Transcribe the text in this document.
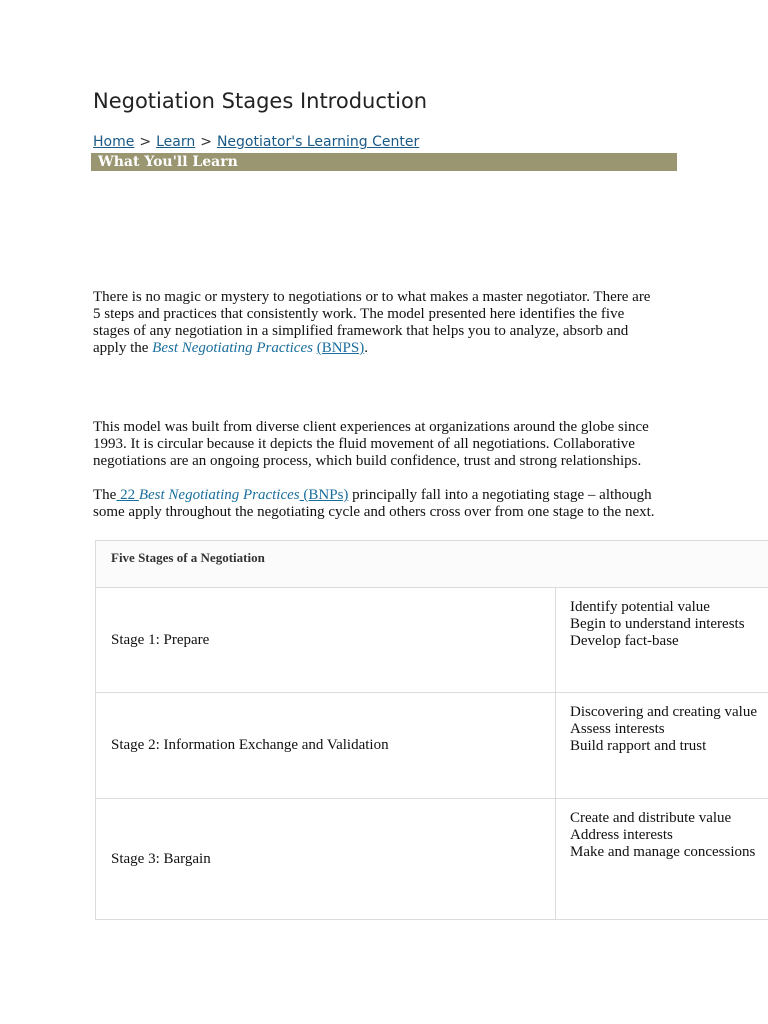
Negotiation Stages Introduction
Home > Learn > Negotiator's Learning Center
What You'll Learn

There is no magic or mystery to negotiations or to what makes a master negotiator. There are
5 steps and practices that consistently work. The model presented here identifies the five
stages of any negotiation in a simplified framework that helps you to analyze, absorb and
apply the Best Negotiating Practices (BNPS).

This model was built from diverse client experiences at organizations around the globe since
1993. It is circular because it depicts the fluid movement of all negotiations. Collaborative
negotiations are an ongoing process, which build confidence, trust and strong relationships.

The 22 Best Negotiating Practices (BNPs) principally fall into a negotiating stage – although
some apply throughout the negotiating cycle and others cross over from one stage to the next.

Five Stages of a Negotiation
Stage 1: Prepare
Identify potential value
Begin to understand interests
Develop fact-base
Stage 2: Information Exchange and Validation
Discovering and creating value
Assess interests
Build rapport and trust
Stage 3: Bargain
Create and distribute value
Address interests
Make and manage concessions
